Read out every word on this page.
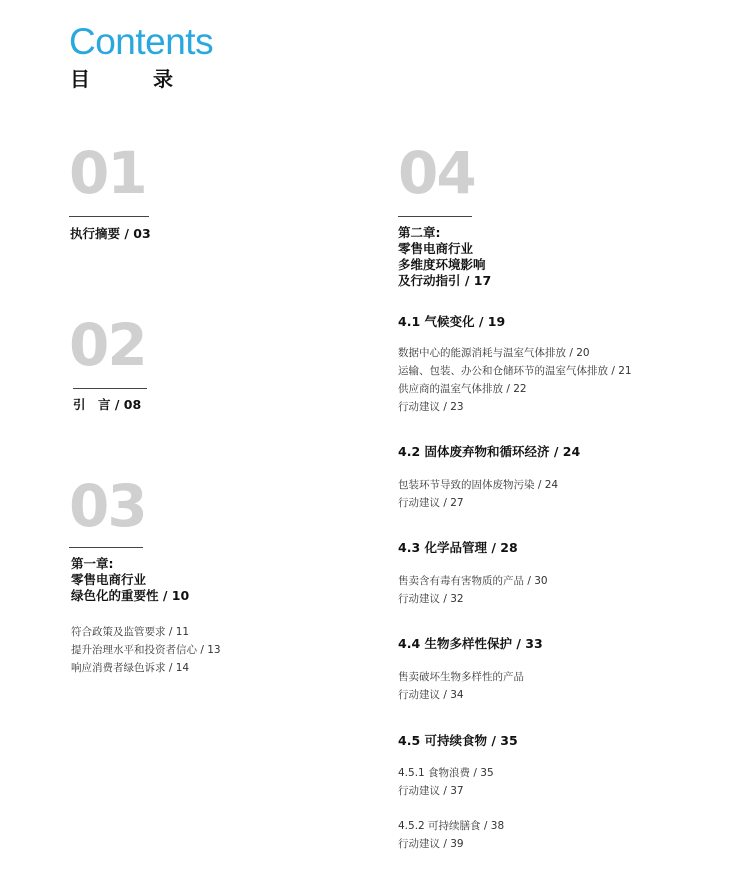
Contents
目 录
01
执行摘要 / 03
02
引　言 / 08
03
第一章:
零售电商行业
绿色化的重要性 / 10
符合政策及监管要求 / 11
提升治理水平和投资者信心 / 13
响应消费者绿色诉求 / 14
04
第二章:
零售电商行业
多维度环境影响
及行动指引 / 17
4.1 气候变化 / 19
数据中心的能源消耗与温室气体排放 / 20
运输、包装、办公和仓储环节的温室气体排放 / 21
供应商的温室气体排放 / 22
行动建议 / 23
4.2 固体废弃物和循环经济 / 24
包装环节导致的固体废物污染 / 24
行动建议 / 27
4.3 化学品管理 / 28
售卖含有毒有害物质的产品 / 30
行动建议 / 32
4.4 生物多样性保护 / 33
售卖破坏生物多样性的产品
行动建议 / 34
4.5 可持续食物 / 35
4.5.1 食物浪费 / 35
行动建议 / 37
4.5.2 可持续膳食 / 38
行动建议 / 39
